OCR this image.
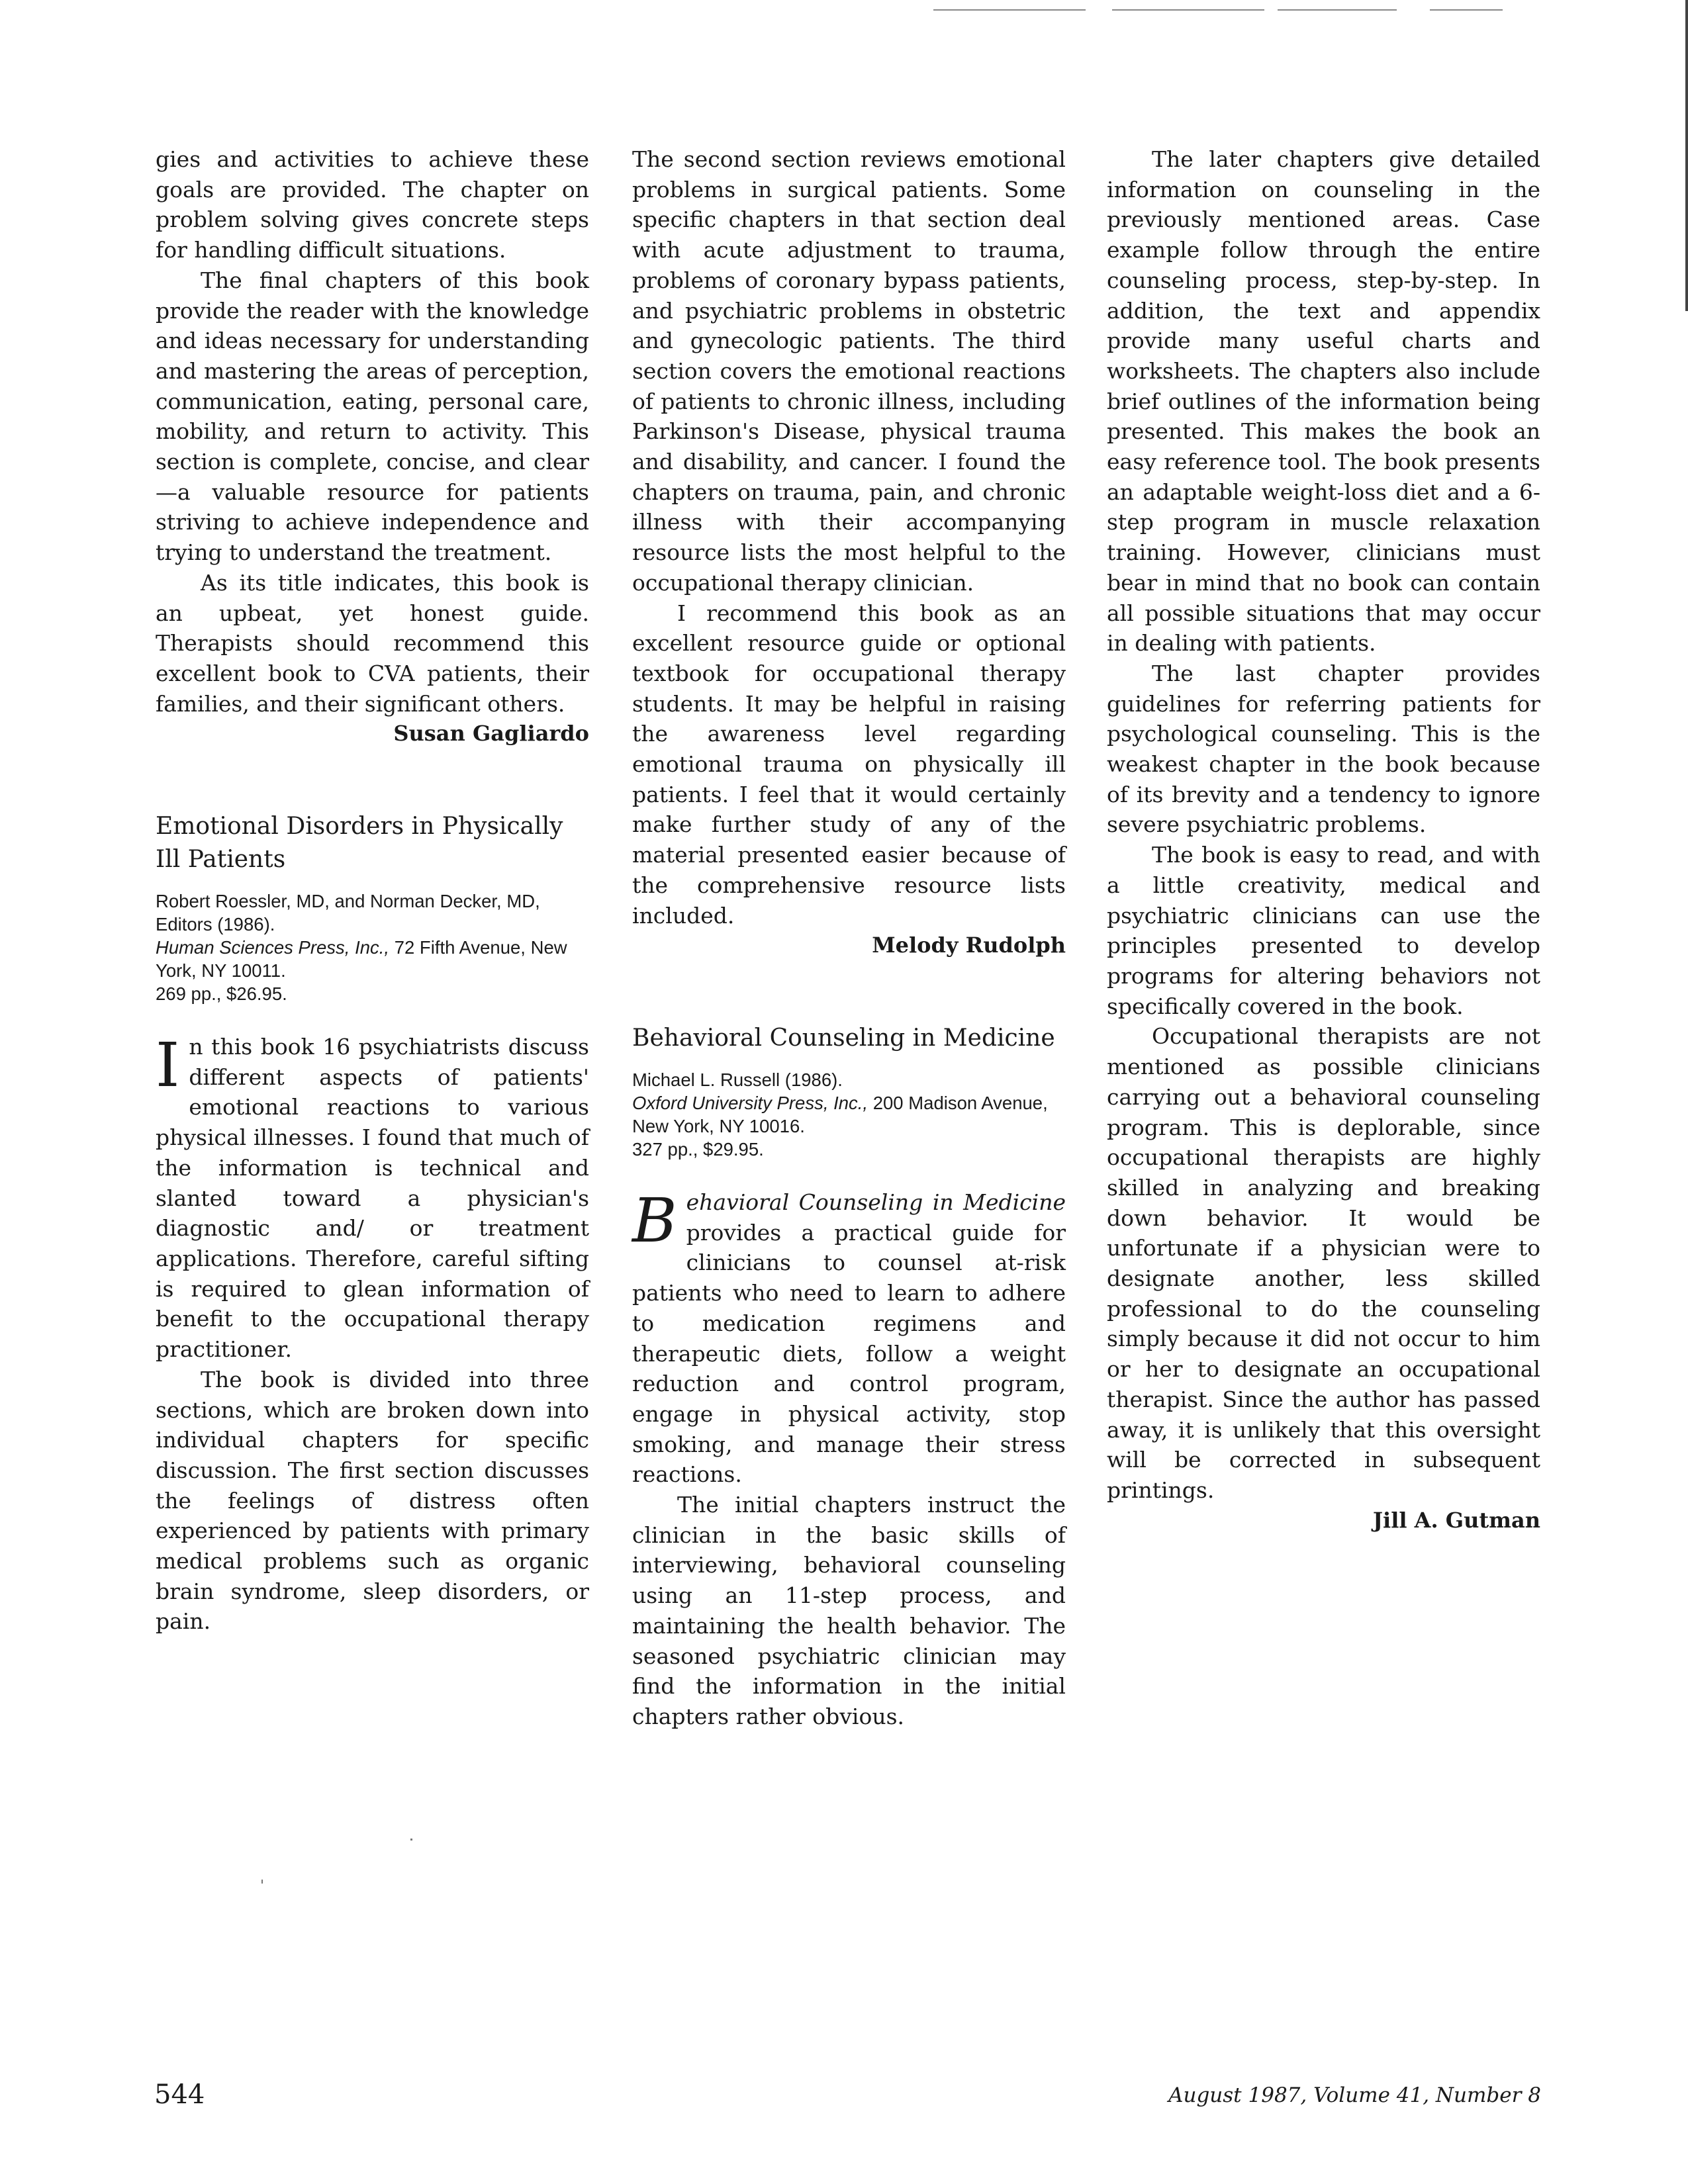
gies and activities to achieve these goals are provided. The chapter on problem solving gives concrete steps for handling difficult situations.

The final chapters of this book provide the reader with the knowledge and ideas necessary for understanding and mastering the areas of perception, communication, eating, personal care, mobility, and return to activity. This section is complete, concise, and clear—a valuable resource for patients striving to achieve independence and trying to understand the treatment.

As its title indicates, this book is an upbeat, yet honest guide. Therapists should recommend this excellent book to CVA patients, their families, and their significant others.

Susan Gagliardo
Emotional Disorders in Physically Ill Patients
Robert Roessler, MD, and Norman Decker, MD, Editors (1986).
Human Sciences Press, Inc., 72 Fifth Avenue, New York, NY 10011.
269 pp., $26.95.

In this book 16 psychiatrists discuss different aspects of patients' emotional reactions to various physical illnesses. I found that much of the information is technical and slanted toward a physician's diagnostic and/ or treatment applications. Therefore, careful sifting is required to glean information of benefit to the occupational therapy practitioner.

The book is divided into three sections, which are broken down into individual chapters for specific discussion. The first section discusses the feelings of distress often experienced by patients with primary medical problems such as organic brain syndrome, sleep disorders, or pain.

The second section reviews emotional problems in surgical patients. Some specific chapters in that section deal with acute adjustment to trauma, problems of coronary bypass patients, and psychiatric problems in obstetric and gynecologic patients. The third section covers the emotional reactions of patients to chronic illness, including Parkinson's Disease, physical trauma and disability, and cancer. I found the chapters on trauma, pain, and chronic illness with their accompanying resource lists the most helpful to the occupational therapy clinician.

I recommend this book as an excellent resource guide or optional textbook for occupational therapy students. It may be helpful in raising the awareness level regarding emotional trauma on physically ill patients. I feel that it would certainly make further study of any of the material presented easier because of the comprehensive resource lists included.

Melody Rudolph
Behavioral Counseling in Medicine
Michael L. Russell (1986).
Oxford University Press, Inc., 200 Madison Avenue, New York, NY 10016.
327 pp., $29.95.

Behavioral Counseling in Medicine provides a practical guide for clinicians to counsel at-risk patients who need to learn to adhere to medication regimens and therapeutic diets, follow a weight reduction and control program, engage in physical activity, stop smoking, and manage their stress reactions.

The initial chapters instruct the clinician in the basic skills of interviewing, behavioral counseling using an 11-step process, and maintaining the health behavior. The seasoned psychiatric clinician may find the information in the initial chapters rather obvious.

The later chapters give detailed information on counseling in the previously mentioned areas. Case example follow through the entire counseling process, step-by-step. In addition, the text and appendix provide many useful charts and worksheets. The chapters also include brief outlines of the information being presented. This makes the book an easy reference tool. The book presents an adaptable weight-loss diet and a 6-step program in muscle relaxation training. However, clinicians must bear in mind that no book can contain all possible situations that may occur in dealing with patients.

The last chapter provides guidelines for referring patients for psychological counseling. This is the weakest chapter in the book because of its brevity and a tendency to ignore severe psychiatric problems.

The book is easy to read, and with a little creativity, medical and psychiatric clinicians can use the principles presented to develop programs for altering behaviors not specifically covered in the book.

Occupational therapists are not mentioned as possible clinicians carrying out a behavioral counseling program. This is deplorable, since occupational therapists are highly skilled in analyzing and breaking down behavior. It would be unfortunate if a physician were to designate another, less skilled professional to do the counseling simply because it did not occur to him or her to designate an occupational therapist. Since the author has passed away, it is unlikely that this oversight will be corrected in subsequent printings.

Jill A. Gutman
544	August 1987, Volume 41, Number 8
